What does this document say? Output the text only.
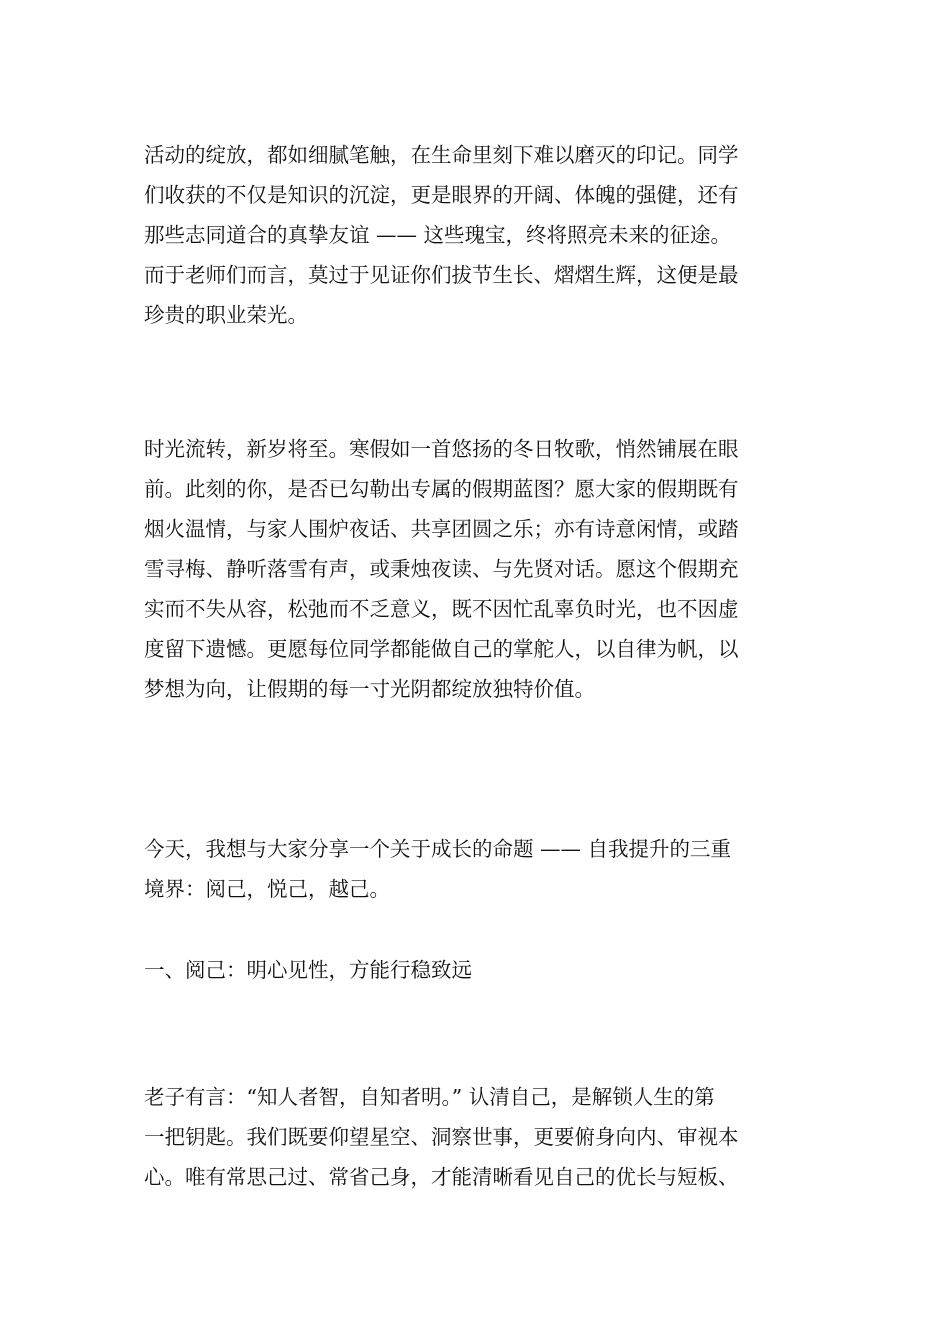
活动的绽放，都如细腻笔触，在生命里刻下难以磨灭的印记。同学
们收获的不仅是知识的沉淀，更是眼界的开阔、体魄的强健，还有
那些志同道合的真挚友谊 —— 这些瑰宝，终将照亮未来的征途。
而于老师们而言，莫过于见证你们拔节生长、熠熠生辉，这便是最
珍贵的职业荣光。

时光流转，新岁将至。寒假如一首悠扬的冬日牧歌，悄然铺展在眼
前。此刻的你，是否已勾勒出专属的假期蓝图？愿大家的假期既有
烟火温情，与家人围炉夜话、共享团圆之乐；亦有诗意闲情，或踏
雪寻梅、静听落雪有声，或秉烛夜读、与先贤对话。愿这个假期充
实而不失从容，松弛而不乏意义，既不因忙乱辜负时光，也不因虚
度留下遗憾。更愿每位同学都能做自己的掌舵人，以自律为帆，以
梦想为向，让假期的每一寸光阴都绽放独特价值。

今天，我想与大家分享一个关于成长的命题 —— 自我提升的三重
境界：阅己，悦己，越己。

一、阅己：明心见性，方能行稳致远

老子有言：“知人者智，自知者明。” 认清自己，是解锁人生的第
一把钥匙。我们既要仰望星空、洞察世事，更要俯身向内、审视本
心。唯有常思己过、常省己身，才能清晰看见自己的优长与短板、
